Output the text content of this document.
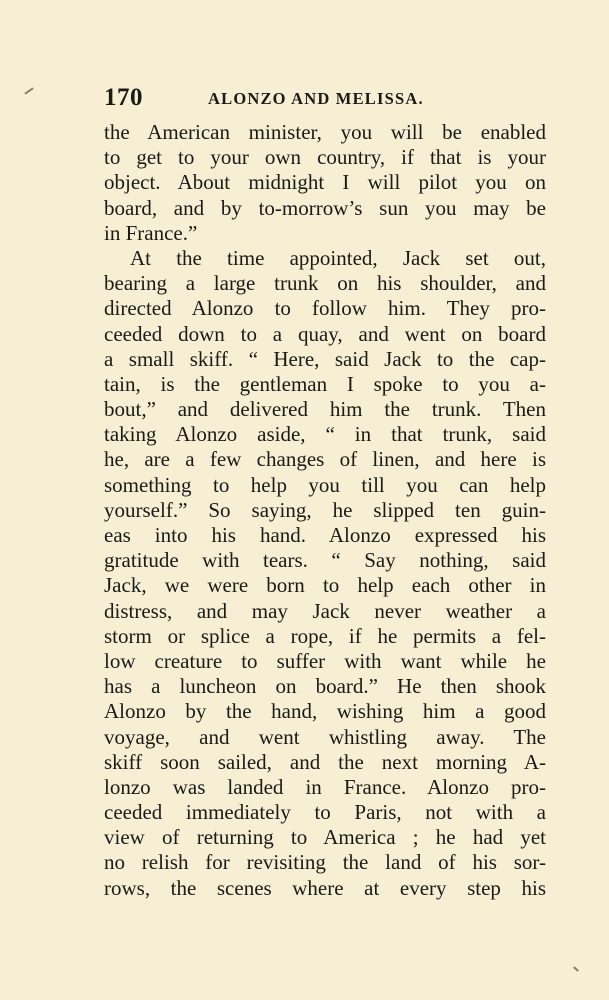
170	ALONZO AND MELISSA.
the American minister, you will be enabled
to get to your own country, if that is your
object. About midnight I will pilot you on
board, and by to-morrow’s sun you may be
in France.”
At the time appointed, Jack set out,
bearing a large trunk on his shoulder, and
directed Alonzo to follow him. They pro-
ceeded down to a quay, and went on board
a small skiff. “ Here, said Jack to the cap-
tain, is the gentleman I spoke to you a-
bout,” and delivered him the trunk. Then
taking Alonzo aside, “ in that trunk, said
he, are a few changes of linen, and here is
something to help you till you can help
yourself.” So saying, he slipped ten guin-
eas into his hand. Alonzo expressed his
gratitude with tears. “ Say nothing, said
Jack, we were born to help each other in
distress, and may Jack never weather a
storm or splice a rope, if he permits a fel-
low creature to suffer with want while he
has a luncheon on board.” He then shook
Alonzo by the hand, wishing him a good
voyage, and went whistling away. The
skiff soon sailed, and the next morning A-
lonzo was landed in France. Alonzo pro-
ceeded immediately to Paris, not with a
view of returning to America ; he had yet
no relish for revisiting the land of his sor-
rows, the scenes where at every step his
